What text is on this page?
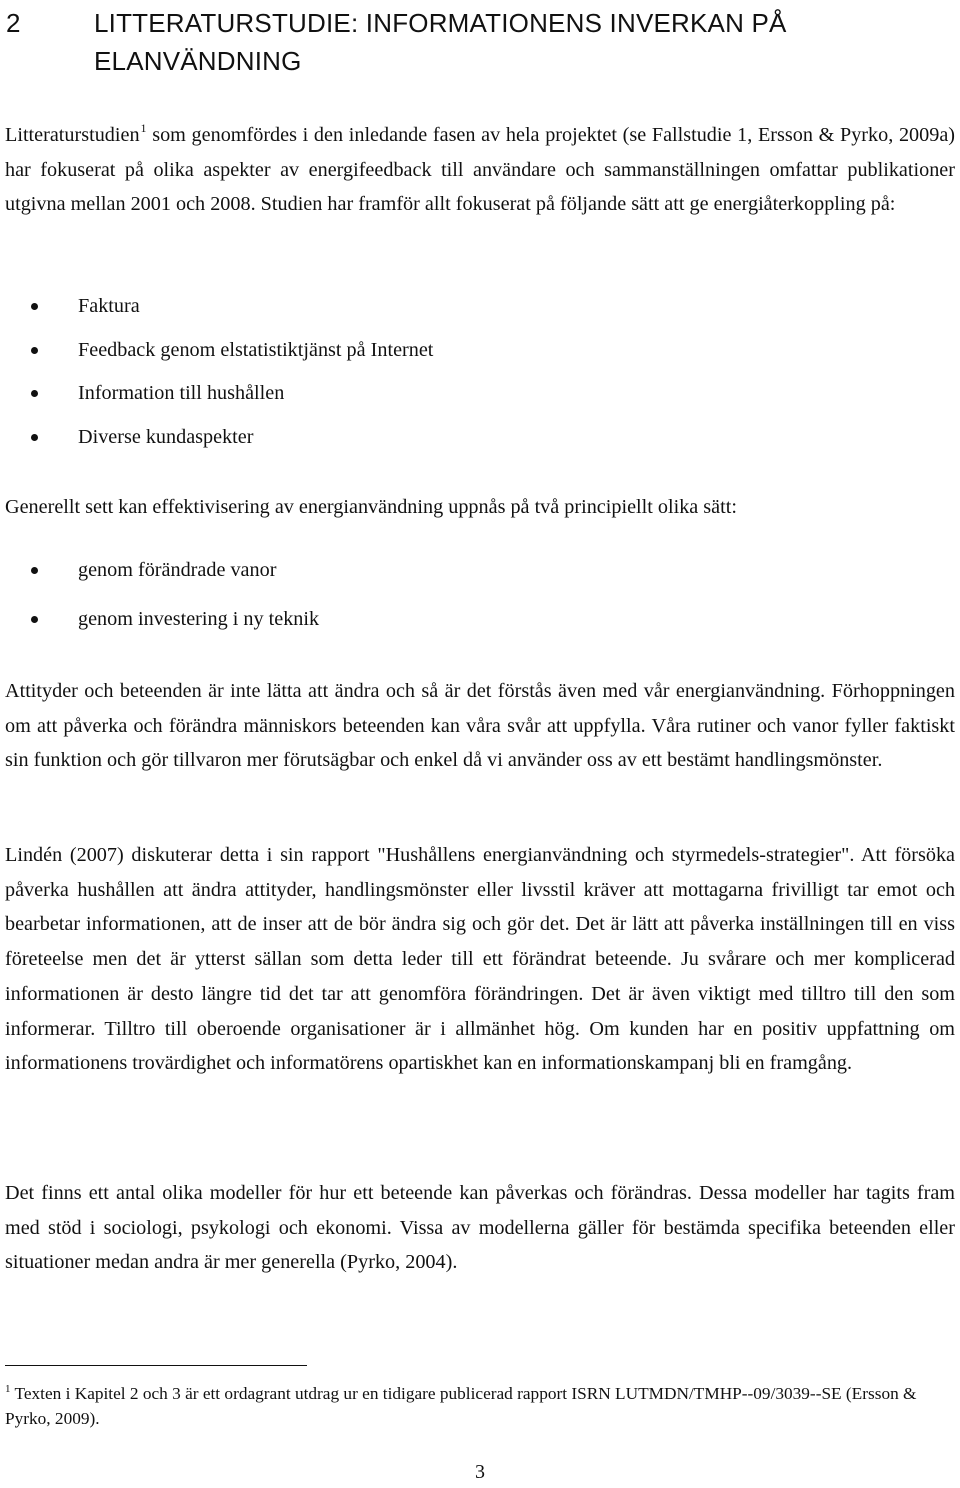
2	LITTERATURSTUDIE: INFORMATIONENS INVERKAN PÅ ELANVÄNDNING

Litteraturstudien$^1$ som genomfördes i den inledande fasen av hela projektet (se Fallstudie 1, Ersson & Pyrko, 2009a) har fokuserat på olika aspekter av energifeedback till användare och sammanställningen omfattar publikationer utgivna mellan 2001 och 2008. Studien har framför allt fokuserat på följande sätt att ge energiåterkoppling på:

Faktura
Feedback genom elstatistiktjänst på Internet
Information till hushållen
Diverse kundaspekter

Generellt sett kan effektivisering av energianvändning uppnås på två principiellt olika sätt:

genom förändrade vanor
genom investering i ny teknik

Attityder och beteenden är inte lätta att ändra och så är det förstås även med vår energianvändning. Förhoppningen om att påverka och förändra människors beteenden kan våra svår att uppfylla. Våra rutiner och vanor fyller faktiskt sin funktion och gör tillvaron mer förutsägbar och enkel då vi använder oss av ett bestämt handlingsmönster.

Lindén (2007) diskuterar detta i sin rapport "Hushållens energianvändning och styrmedels-strategier". Att försöka påverka hushållen att ändra attityder, handlingsmönster eller livsstil kräver att mottagarna frivilligt tar emot och bearbetar informationen, att de inser att de bör ändra sig och gör det. Det är lätt att påverka inställningen till en viss företeelse men det är ytterst sällan som detta leder till ett förändrat beteende. Ju svårare och mer komplicerad informationen är desto längre tid det tar att genomföra förändringen. Det är även viktigt med tilltro till den som informerar. Tilltro till oberoende organisationer är i allmänhet hög. Om kunden har en positiv uppfattning om informationens trovärdighet och informatörens opartiskhet kan en informationskampanj bli en framgång.

Det finns ett antal olika modeller för hur ett beteende kan påverkas och förändras. Dessa modeller har tagits fram med stöd i sociologi, psykologi och ekonomi. Vissa av modellerna gäller för bestämda specifika beteenden eller situationer medan andra är mer generella (Pyrko, 2004).

$^1$ Texten i Kapitel 2 och 3 är ett ordagrant utdrag ur en tidigare publicerad rapport ISRN LUTMDN/TMHP--09/3039--SE (Ersson & Pyrko, 2009).

3
